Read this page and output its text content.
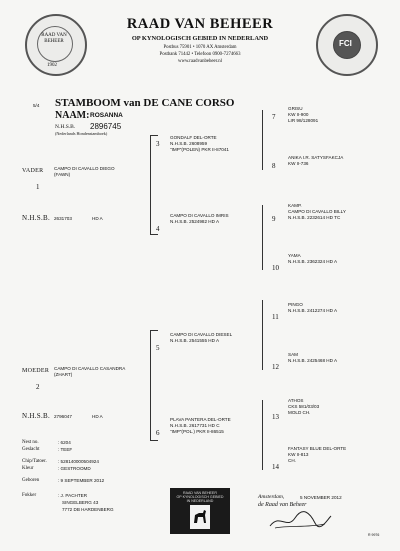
RAAD VAN BEHEER
1902
FCI
RAAD VAN BEHEER
OP KYNOLOGISCH GEBIED IN NEDERLAND
Postbus 75901 • 1070 AX Amsterdam
Postbank 71442 • Telefoon 0900-7274663
www.raadvanbeheer.nl
5/4 STAMBOOM van DE CANE CORSO
NAAM: ROSANNA
N.H.S.B. 2896745
(Nederlands Hondenstamboek)
VADER CAMPO DI CAVALLO DIEGO
(FAWN)
1
N.H.S.B. 2631703	HD A
MOEDER CAMPO DI CAVALLO CASANDRA
(ZHART)
2
N.H.S.B. 2796047	HD A
3
GONDALF DEL-ORTE
N.H.S.B. 2608959
"IMP"(POLEN) PKR II-87041
4
CAMPO DI CAVALLO IMRIS
N.H.S.B. 2524982 HD A
5
CAMPO DI CAVALLO DIESEL
N.H.S.B. 2541555 HD A
6
PLAVA PANTERA DEL-ORTE
N.H.S.B. 2617731 HD C
"IMP"(POL.) PKR II-86515
7
GRISU
KW II-900
LIR 98/128091
8
ANIKA I.R. SATYSFAKCJA
KW II-736
9
KAMP.
CAMPO DI CAVALLO BILLY
N.H.S.B. 2232614 HD TC
10
YAMA
N.H.S.B. 2362324 HD A
11
PINGO
N.H.S.B. 2412274 HD A
12
SAM
N.H.S.B. 2425468 HD A
13
ATHOS
CKS 581/03/03
MOLD CH.
14
FANTASY BLUE DEL-ORTE
KW II-813
CH.
Nest no.	: 6204
Geslacht	: TEEF
Chip/Tatoer. : 528140000504924
Kleur	: GESTROOMD
Geboren	: 9 SEPTEMBER 2012
Fokker	: J. PACHTER
SINGELBERG 43
7772 DB HARDENBERG
RAAD VAN BEHEER
OP KYNOLOGISCH GEBIED
IN NEDERLAND
Amsterdam,	5 NOVEMBER 2012
de Raad van Beheer
R 9976
